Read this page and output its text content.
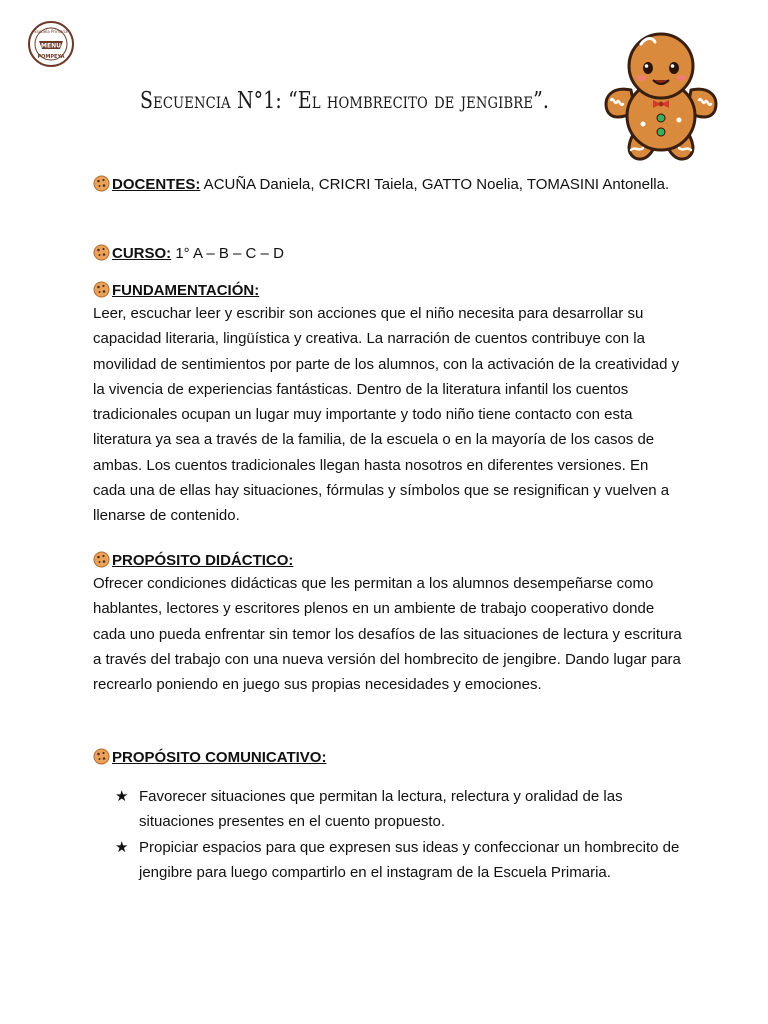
MENU
Escuela Primaria
POMPEYA
Secuencia N°1: “El hombrecito de jengibre”.
DOCENTES: ACUÑA Daniela, CRICRI Taiela, GATTO Noelia, TOMASINI Antonella.
CURSO: 1° A – B – C – D
FUNDAMENTACIÓN:

Leer, escuchar leer y escribir son acciones que el niño necesita para desarrollar su capacidad literaria, lingüística y creativa. La narración de cuentos contribuye con la movilidad de sentimientos por parte de los alumnos, con la activación de la creatividad y la vivencia de experiencias fantásticas. Dentro de la literatura infantil los cuentos tradicionales ocupan un lugar muy importante y todo niño tiene contacto con esta literatura ya sea a través de la familia, de la escuela o en la mayoría de los casos de ambas. Los cuentos tradicionales llegan hasta nosotros en diferentes versiones. En cada una de ellas hay situaciones, fórmulas y símbolos que se resignifican y vuelven a llenarse de contenido.

PROPÓSITO DIDÁCTICO:

Ofrecer condiciones didácticas que les permitan a los alumnos desempeñarse como hablantes, lectores y escritores plenos en un ambiente de trabajo cooperativo donde cada uno pueda enfrentar sin temor los desafíos de las situaciones de lectura y escritura a través del trabajo con una nueva versión del hombrecito de jengibre. Dando lugar para recrearlo poniendo en juego sus propias necesidades y emociones.

PROPÓSITO COMUNICATIVO:
★ Favorecer situaciones que permitan la lectura, relectura y oralidad de las situaciones presentes en el cuento propuesto.
★ Propiciar espacios para que expresen sus ideas y confeccionar un hombrecito de jengibre para luego compartirlo en el instagram de la Escuela Primaria.
